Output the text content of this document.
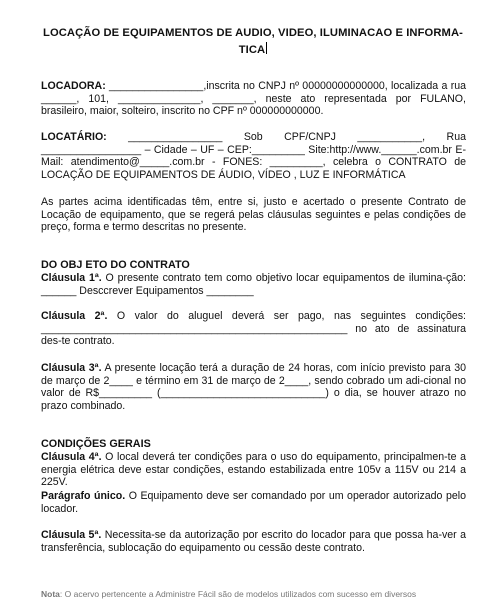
LOCAÇÃO DE EQUIPAMENTOS DE AUDIO, VIDEO, ILUMINACAO E INFORMA-
TICA
LOCADORA: ________________,inscrita no CNPJ nº 00000000000000, localizada a rua ______, 101, ______________, _______, neste ato representada por FULANO, brasileiro, maior, solteiro, inscrito no CPF nº 000000000000.
LOCATÁRIO: ________________ Sob CPF/CNPJ ___________, Rua _________________ – Cidade – UF – CEP:_________ Site:http://www.______.com.br E-Mail: atendimento@_____.com.br - FONES: _________, celebra o CONTRATO de LOCAÇÃO DE EQUIPAMENTOS DE ÁUDIO, VÍDEO , LUZ E INFORMÁTICA
As partes acima identificadas têm, entre si, justo e acertado o presente Contrato de Locação de equipamento, que se regerá pelas cláusulas seguintes e pelas condições de preço, forma e termo descritas no presente.
DO OBJ ETO DO CONTRATO
Cláusula 1ª. O presente contrato tem como objetivo locar equipamentos de ilumina-ção: ______ Desccrever Equipamentos ________
Cláusula 2ª. O valor do aluguel deverá ser pago, nas seguintes condições: ____________________________________________________ no ato de assinatura des-te contrato.
Cláusula 3ª. A presente locação terá a duração de 24 horas, com início previsto para 30 de março de 2____ e término em 31 de março de 2____, sendo cobrado um adi-cional no valor de R$_________ (____________________________) o dia, se houver atrazo no prazo combinado.
CONDIÇÕES GERAIS
Cláusula 4ª. O local deverá ter condições para o uso do equipamento, principalmen-te a energia elétrica deve estar condições, estando estabilizada entre 105v a 115V ou 214 a 225V.
Parágrafo único. O Equipamento deve ser comandado por um operador autorizado pelo locador.
Cláusula 5ª. Necessita-se da autorização por escrito do locador para que possa ha-ver a transferência, sublocação do equipamento ou cessão deste contrato.
Nota: O acervo pertencente a Administre Fácil são de modelos utilizados com sucesso em diversos
